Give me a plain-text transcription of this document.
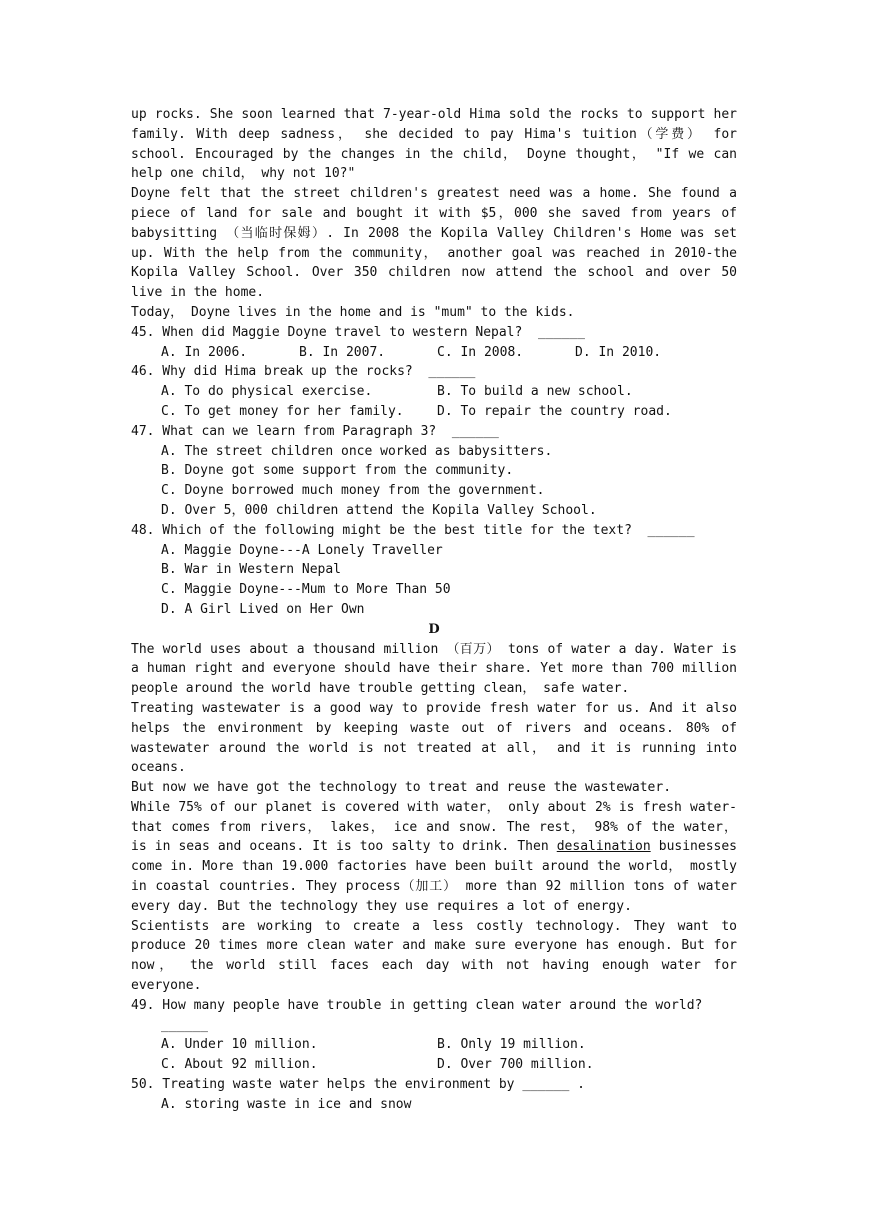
up rocks. She soon learned that 7-year-old Hima sold the rocks to support her family. With deep sadness， she decided to pay Hima's tuition（学费） for school. Encouraged by the changes in the child， Doyne thought， "If we can help one child， why not 10?"

Doyne felt that the street children's greatest need was a home. She found a piece of land for sale and bought it with $5，000 she saved from years of babysitting （当临时保姆）. In 2008 the Kopila Valley Children's Home was set up. With the help from the community， another goal was reached in 2010-the Kopila Valley School. Over 350 children now attend the school and over 50 live in the home.

Today， Doyne lives in the home and is "mum" to the kids.

45. When did Maggie Doyne travel to western Nepal?  ______
A. In 2006.	B. In 2007.	C. In 2008.	D. In 2010.
46. Why did Hima break up the rocks?  ______
A. To do physical exercise.	B. To build a new school.
C. To get money for her family.	D. To repair the country road.
47. What can we learn from Paragraph 3?  ______
A. The street children once worked as babysitters.
B. Doyne got some support from the community.
C. Doyne borrowed much money from the government.
D. Over 5，000 children attend the Kopila Valley School.
48. Which of the following might be the best title for the text?  ______
A. Maggie Doyne---A Lonely Traveller
B. War in Western Nepal
C. Maggie Doyne---Mum to More Than 50
D. A Girl Lived on Her Own
D

The world uses about a thousand million （百万） tons of water a day. Water is a human right and everyone should have their share. Yet more than 700 million people around the world have trouble getting clean， safe water.

Treating wastewater is a good way to provide fresh water for us. And it also helps the environment by keeping waste out of rivers and oceans. 80% of wastewater around the world is not treated at all， and it is running into oceans.

But now we have got the technology to treat and reuse the wastewater.

While 75% of our planet is covered with water， only about 2% is fresh water-that comes from rivers， lakes， ice and snow. The rest， 98% of the water， is in seas and oceans. It is too salty to drink. Then desalination businesses come in. More than 19.000 factories have been built around the world， mostly in coastal countries. They process（加工） more than 92 million tons of water every day. But the technology they use requires a lot of energy.

Scientists are working to create a less costly technology. They want to produce 20 times more clean water and make sure everyone has enough. But for now， the world still faces each day with not having enough water for everyone.

49. How many people have trouble in getting clean water around the world?
______
A. Under 10 million.	B. Only 19 million.
C. About 92 million.	D. Over 700 million.
50. Treating waste water helps the environment by ______ .
A. storing waste in ice and snow
